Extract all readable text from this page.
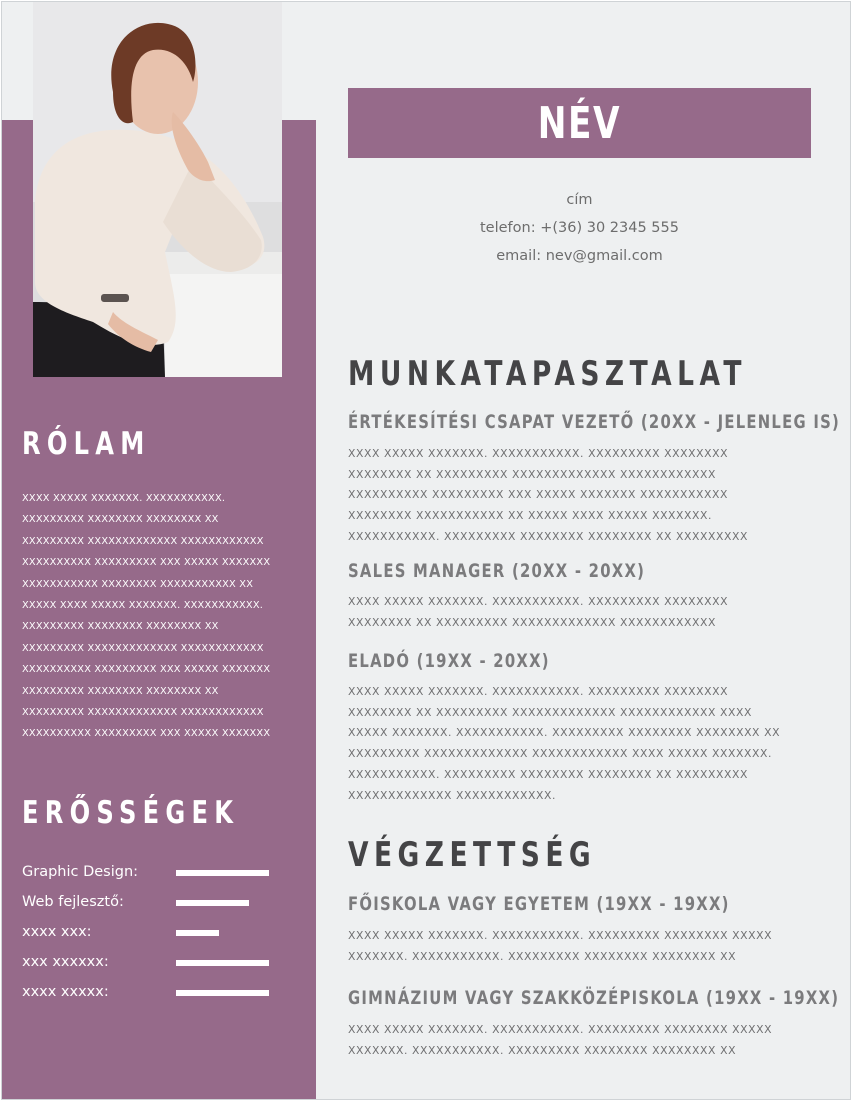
RÓLAM

XXXX XXXXX XXXXXXX. XXXXXXXXXXX.
XXXXXXXXX XXXXXXXX XXXXXXXX XX
XXXXXXXXX XXXXXXXXXXXXX XXXXXXXXXXXX
XXXXXXXXXX XXXXXXXXX XXX XXXXX XXXXXXX
XXXXXXXXXXX XXXXXXXX XXXXXXXXXXX XX
XXXXX XXXX XXXXX XXXXXXX. XXXXXXXXXXX.
XXXXXXXXX XXXXXXXX XXXXXXXX XX
XXXXXXXXX XXXXXXXXXXXXX XXXXXXXXXXXX
XXXXXXXXXX XXXXXXXXX XXX XXXXX XXXXXXX
XXXXXXXXX XXXXXXXX XXXXXXXX XX
XXXXXXXXX XXXXXXXXXXXXX XXXXXXXXXXXX
XXXXXXXXXX XXXXXXXXX XXX XXXXX XXXXXXX

ERŐSSÉGEK
Graphic Design:
Web fejlesztő:
xxxx xxx:
xxx xxxxxx:
xxxx xxxxx:
NÉV
cím
telefon: +(36) 30 2345 555
email: nev@gmail.com
MUNKATAPASZTALAT
ÉRTÉKESÍTÉSI CSAPAT VEZETŐ (20XX - JELENLEG IS)

XXXX XXXXX XXXXXXX. XXXXXXXXXXX. XXXXXXXXX XXXXXXXX
XXXXXXXX XX XXXXXXXXX XXXXXXXXXXXXX XXXXXXXXXXXX
XXXXXXXXXX XXXXXXXXX XXX XXXXX XXXXXXX XXXXXXXXXXX
XXXXXXXX XXXXXXXXXXX XX XXXXX XXXX XXXXX XXXXXXX.
XXXXXXXXXXX. XXXXXXXXX XXXXXXXX XXXXXXXX XX XXXXXXXXX

SALES MANAGER (20XX - 20XX)

XXXX XXXXX XXXXXXX. XXXXXXXXXXX. XXXXXXXXX XXXXXXXX
XXXXXXXX XX XXXXXXXXX XXXXXXXXXXXXX XXXXXXXXXXXX

ELADÓ (19XX - 20XX)

XXXX XXXXX XXXXXXX. XXXXXXXXXXX. XXXXXXXXX XXXXXXXX
XXXXXXXX XX XXXXXXXXX XXXXXXXXXXXXX XXXXXXXXXXXX XXXX
XXXXX XXXXXXX. XXXXXXXXXXX. XXXXXXXXX XXXXXXXX XXXXXXXX XX
XXXXXXXXX XXXXXXXXXXXXX XXXXXXXXXXXX XXXX XXXXX XXXXXXX.
XXXXXXXXXXX. XXXXXXXXX XXXXXXXX XXXXXXXX XX XXXXXXXXX
XXXXXXXXXXXXX XXXXXXXXXXXX.

VÉGZETTSÉG
FŐISKOLA VAGY EGYETEM (19XX - 19XX)

XXXX XXXXX XXXXXXX. XXXXXXXXXXX. XXXXXXXXX XXXXXXXX XXXXX
XXXXXXX. XXXXXXXXXXX. XXXXXXXXX XXXXXXXX XXXXXXXX XX

GIMNÁZIUM VAGY SZAKKÖZÉPISKOLA (19XX - 19XX)

XXXX XXXXX XXXXXXX. XXXXXXXXXXX. XXXXXXXXX XXXXXXXX XXXXX
XXXXXXX. XXXXXXXXXXX. XXXXXXXXX XXXXXXXX XXXXXXXX XX
